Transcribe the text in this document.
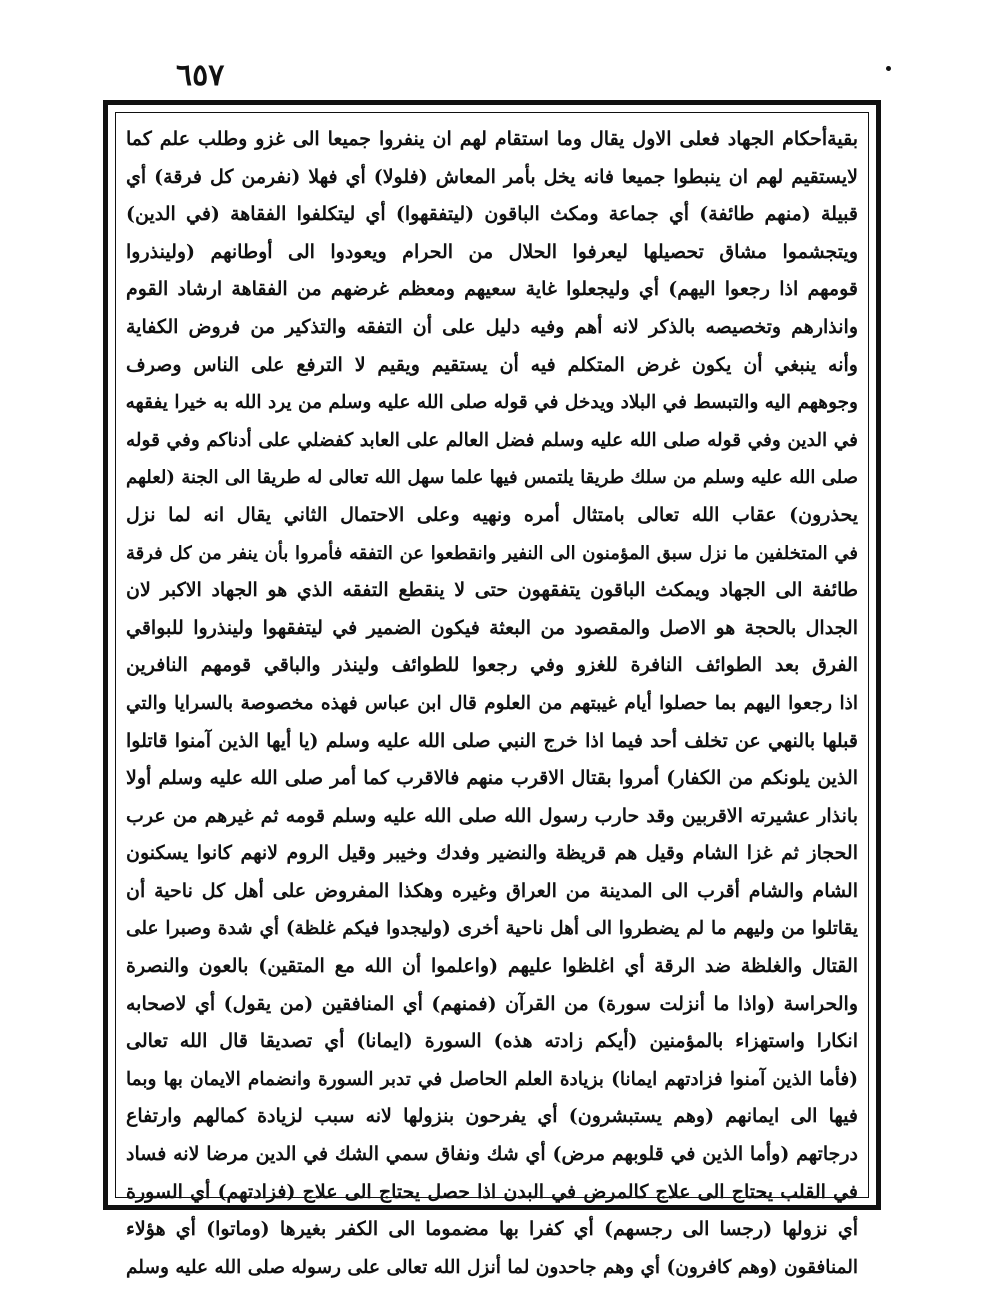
٦٥٧
بقيةأحكام الجهاد فعلى الاول يقال وما استقام لهم ان ينفروا جميعا الى غزو وطلب علم كما
لايستقيم لهم ان ينبطوا جميعا فانه يخل بأمر المعاش (فلولا) أي فهلا (نفرمن كل فرقة) أي
قبيلة (منهم طائفة) أي جماعة ومكث الباقون (ليتفقهوا) أي ليتكلفوا الفقاهة (في الدين)
ويتجشموا مشاق تحصيلها ليعرفوا الحلال من الحرام ويعودوا الى أوطانهم (ولينذروا
قومهم اذا رجعوا اليهم) أي وليجعلوا غاية سعيهم ومعظم غرضهم من الفقاهة ارشاد القوم
وانذارهم وتخصيصه بالذكر لانه أهم وفيه دليل على أن التفقه والتذكير من فروض الكفاية
وأنه ينبغي أن يكون غرض المتكلم فيه أن يستقيم ويقيم لا الترفع على الناس وصرف
وجوههم اليه والتبسط في البلاد ويدخل في قوله صلى الله عليه وسلم من يرد الله به خيرا يفقهه
في الدين وفي قوله صلى الله عليه وسلم فضل العالم على العابد كفضلي على أدناكم وفي قوله
صلى الله عليه وسلم من سلك طريقا يلتمس فيها علما سهل الله تعالى له طريقا الى الجنة (لعلهم
يحذرون) عقاب الله تعالى بامتثال أمره ونهيه وعلى الاحتمال الثاني يقال انه لما نزل
في المتخلفين ما نزل سبق المؤمنون الى النفير وانقطعوا عن التفقه فأمروا بأن ينفر من كل فرقة
طائفة الى الجهاد ويمكث الباقون يتفقهون حتى لا ينقطع التفقه الذي هو الجهاد الاكبر لان
الجدال بالحجة هو الاصل والمقصود من البعثة فيكون الضمير في ليتفقهوا ولينذروا للبواقي
الفرق بعد الطوائف النافرة للغزو وفي رجعوا للطوائف ولينذر والباقي قومهم النافرين
اذا رجعوا اليهم بما حصلوا أيام غيبتهم من العلوم قال ابن عباس فهذه مخصوصة بالسرايا والتي
قبلها بالنهي عن تخلف أحد فيما اذا خرج النبي صلى الله عليه وسلم (يا أيها الذين آمنوا قاتلوا
الذين يلونكم من الكفار) أمروا بقتال الاقرب منهم فالاقرب كما أمر صلى الله عليه وسلم أولا
بانذار عشيرته الاقربين وقد حارب رسول الله صلى الله عليه وسلم قومه ثم غيرهم من عرب
الحجاز ثم غزا الشام وقيل هم قريظة والنضير وفدك وخيبر وقيل الروم لانهم كانوا يسكنون
الشام والشام أقرب الى المدينة من العراق وغيره وهكذا المفروض على أهل كل ناحية أن
يقاتلوا من وليهم ما لم يضطروا الى أهل ناحية أخرى (وليجدوا فيكم غلظة) أي شدة وصبرا على
القتال والغلظة ضد الرقة أي اغلظوا عليهم (واعلموا أن الله مع المتقين) بالعون والنصرة
والحراسة (واذا ما أنزلت سورة) من القرآن (فمنهم) أي المنافقين (من يقول) أي لاصحابه
انكارا واستهزاء بالمؤمنين (أيكم زادته هذه) السورة (ايمانا) أي تصديقا قال الله تعالى
(فأما الذين آمنوا فزادتهم ايمانا) بزيادة العلم الحاصل في تدبر السورة وانضمام الايمان بها وبما
فيها الى ايمانهم (وهم يستبشرون) أي يفرحون بنزولها لانه سبب لزيادة كمالهم وارتفاع
درجاتهم (وأما الذين في قلوبهم مرض) أي شك ونفاق سمي الشك في الدين مرضا لانه فساد
في القلب يحتاج الى علاج كالمرض في البدن اذا حصل يحتاج الى علاج (فزادتهم) أي السورة
أي نزولها (رجسا الى رجسهم) أي كفرا بها مضموما الى الكفر بغيرها (وماتوا) أي هؤلاء
المنافقون (وهم كافرون) أي وهم جاحدون لما أنزل الله تعالى على رسوله صلى الله عليه وسلم
